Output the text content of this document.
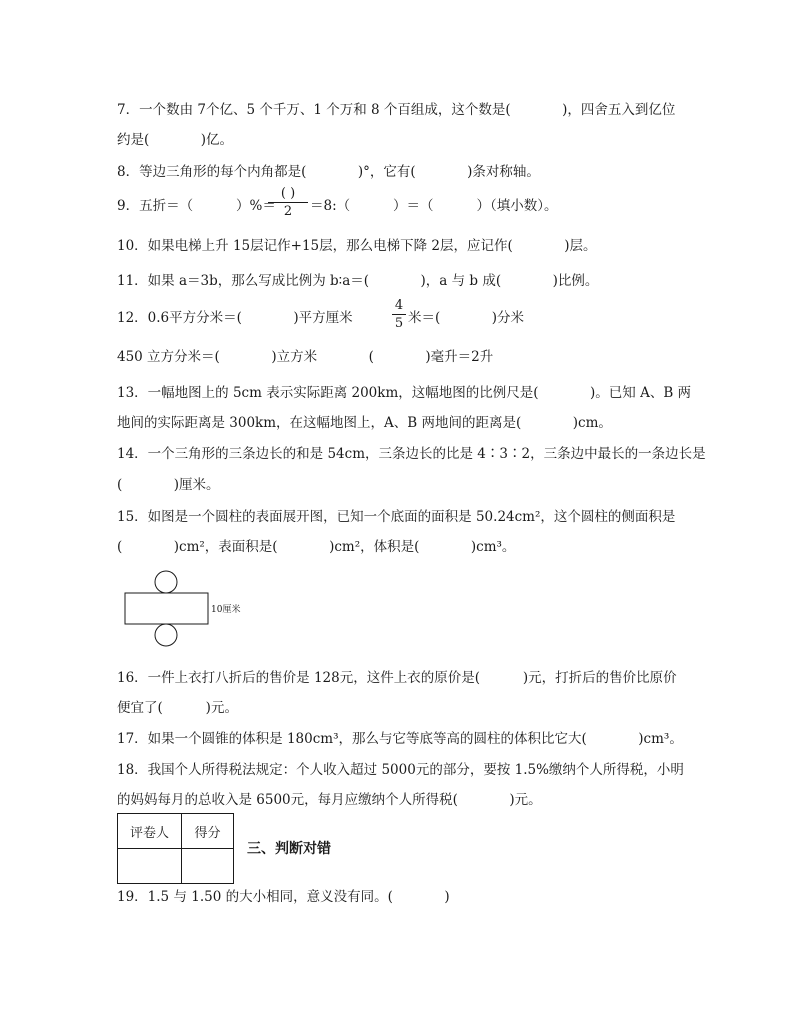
7．一个数由 7个亿、5 个千万、1 个万和 8 个百组成，这个数是(            )，四舍五入到亿位
约是(            )亿。
8．等边三角形的每个内角都是(            )°，它有(            )条对称轴。
9．五折＝（          ）%＝
( )
2	＝8:（          ）＝（          ）（填小数）。
10．如果电梯上升 15层记作+15层，那么电梯下降 2层，应记作(            )层。
11．如果 a＝3b，那么写成比例为 b∶a＝(            )，a 与 b 成(            )比例。
12．0.6平方分米＝(            )平方厘米
4
5 米＝(            )分米
450 立方分米＝(            )立方米            (            )毫升＝2升
13．一幅地图上的 5cm 表示实际距离 200km，这幅地图的比例尺是(            )。已知 A、B 两
地间的实际距离是 300km，在这幅地图上，A、B 两地间的距离是(            )cm。
14．一个三角形的三条边长的和是 54cm，三条边长的比是 4∶3∶2，三条边中最长的一条边长是
(            )厘米。
15．如图是一个圆柱的表面展开图，已知一个底面的面积是 50.24cm²，这个圆柱的侧面积是
(            )cm²，表面积是(            )cm²，体积是(            )cm³。
10厘米
16．一件上衣打八折后的售价是 128元，这件上衣的原价是(          )元，打折后的售价比原价
便宜了(          )元。
17．如果一个圆锥的体积是 180cm³，那么与它等底等高的圆柱的体积比它大(            )cm³。
18．我国个人所得税法规定：个人收入超过 5000元的部分，要按 1.5%缴纳个人所得税，小明
的妈妈每月的总收入是 6500元，每月应缴纳个人所得税(            )元。
评卷人	得分

三、判断对错
19．1.5 与 1.50 的大小相同，意义没有同。(            )
